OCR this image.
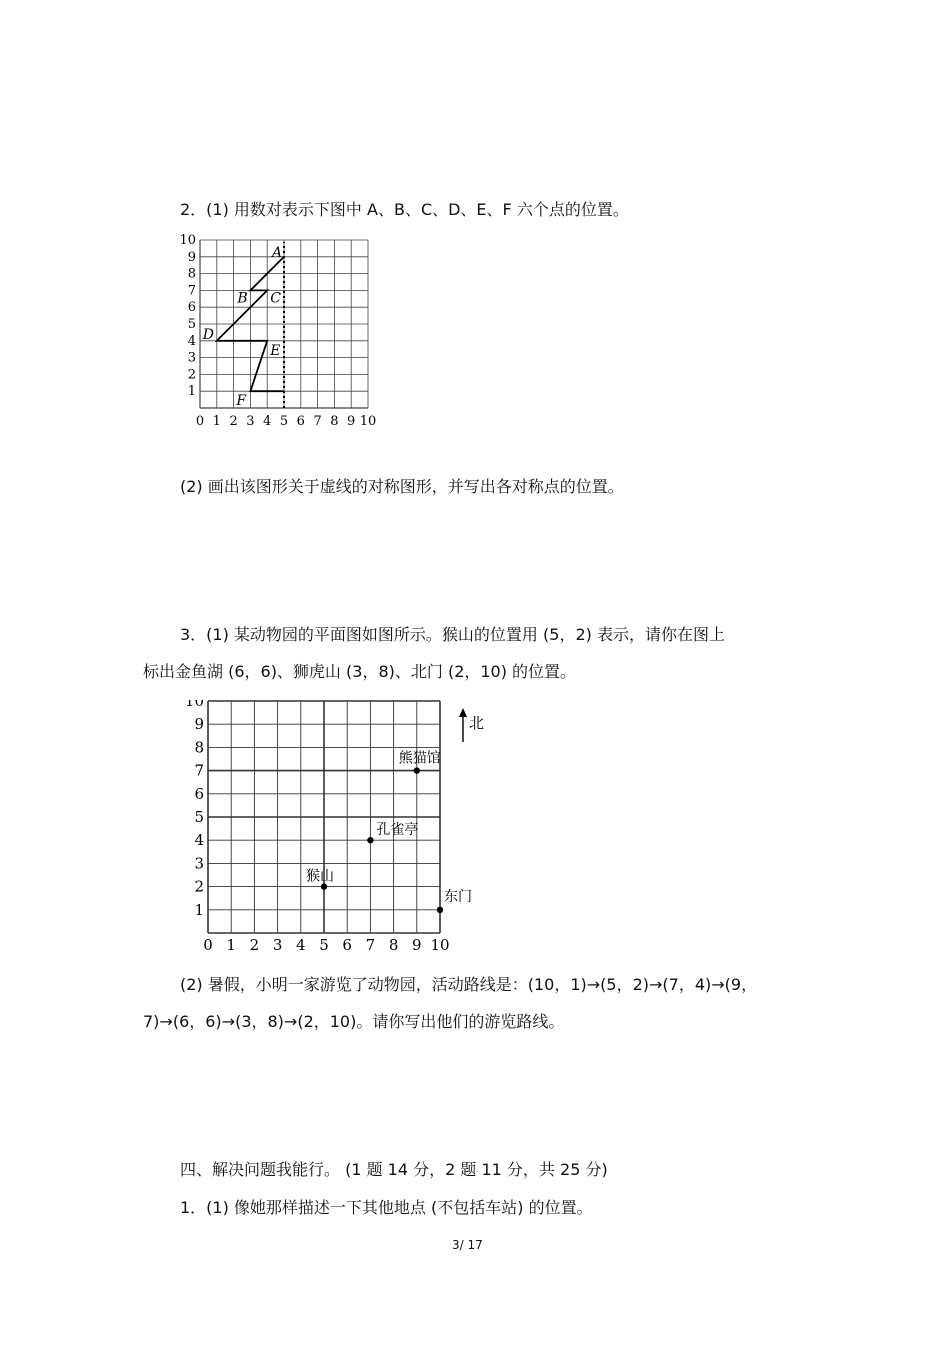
2．(1) 用数对表示下图中 A、B、C、D、E、F 六个点的位置。
0 1 2 3 4 5 6 7 8 9 10
1
2
3
4
5
6
7
8
9
10
A
B C
D
E
F
(2) 画出该图形关于虚线的对称图形，并写出各对称点的位置。
3．(1) 某动物园的平面图如图所示。猴山的位置用 (5，2) 表示，请你在图上
标出金鱼湖 (6，6)、狮虎山 (3，8)、北门 (2，10) 的位置。
0 1 2 3 4 5 6 7 8 9 10
1
2
3
4
5
6
7
8
9
10
北
熊猫馆
孔雀亭
猴山
东门
(2) 暑假，小明一家游览了动物园，活动路线是：(10，1)→(5，2)→(7，4)→(9，
7)→(6，6)→(3，8)→(2，10)。请你写出他们的游览路线。
四、解决问题我能行。 (1 题 14 分，2 题 11 分，共 25 分)
1．(1) 像她那样描述一下其他地点 (不包括车站) 的位置。
3/ 17
